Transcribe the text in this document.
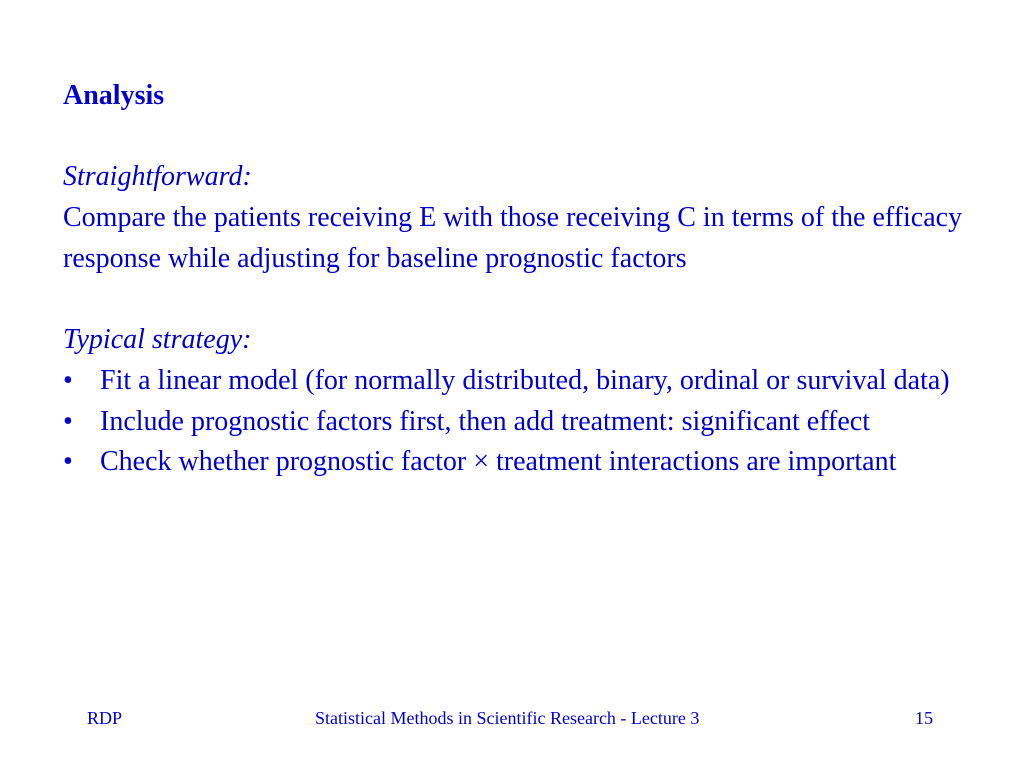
Analysis
Straightforward:

Compare the patients receiving E with those receiving C in terms of the efficacy response while adjusting for baseline prognostic factors

Typical strategy:
• Fit a linear model (for normally distributed, binary, ordinal or survival data)
• Include prognostic factors first, then add treatment: significant effect
• Check whether prognostic factor × treatment interactions are important
RDP	Statistical Methods in Scientific Research - Lecture 3	15
